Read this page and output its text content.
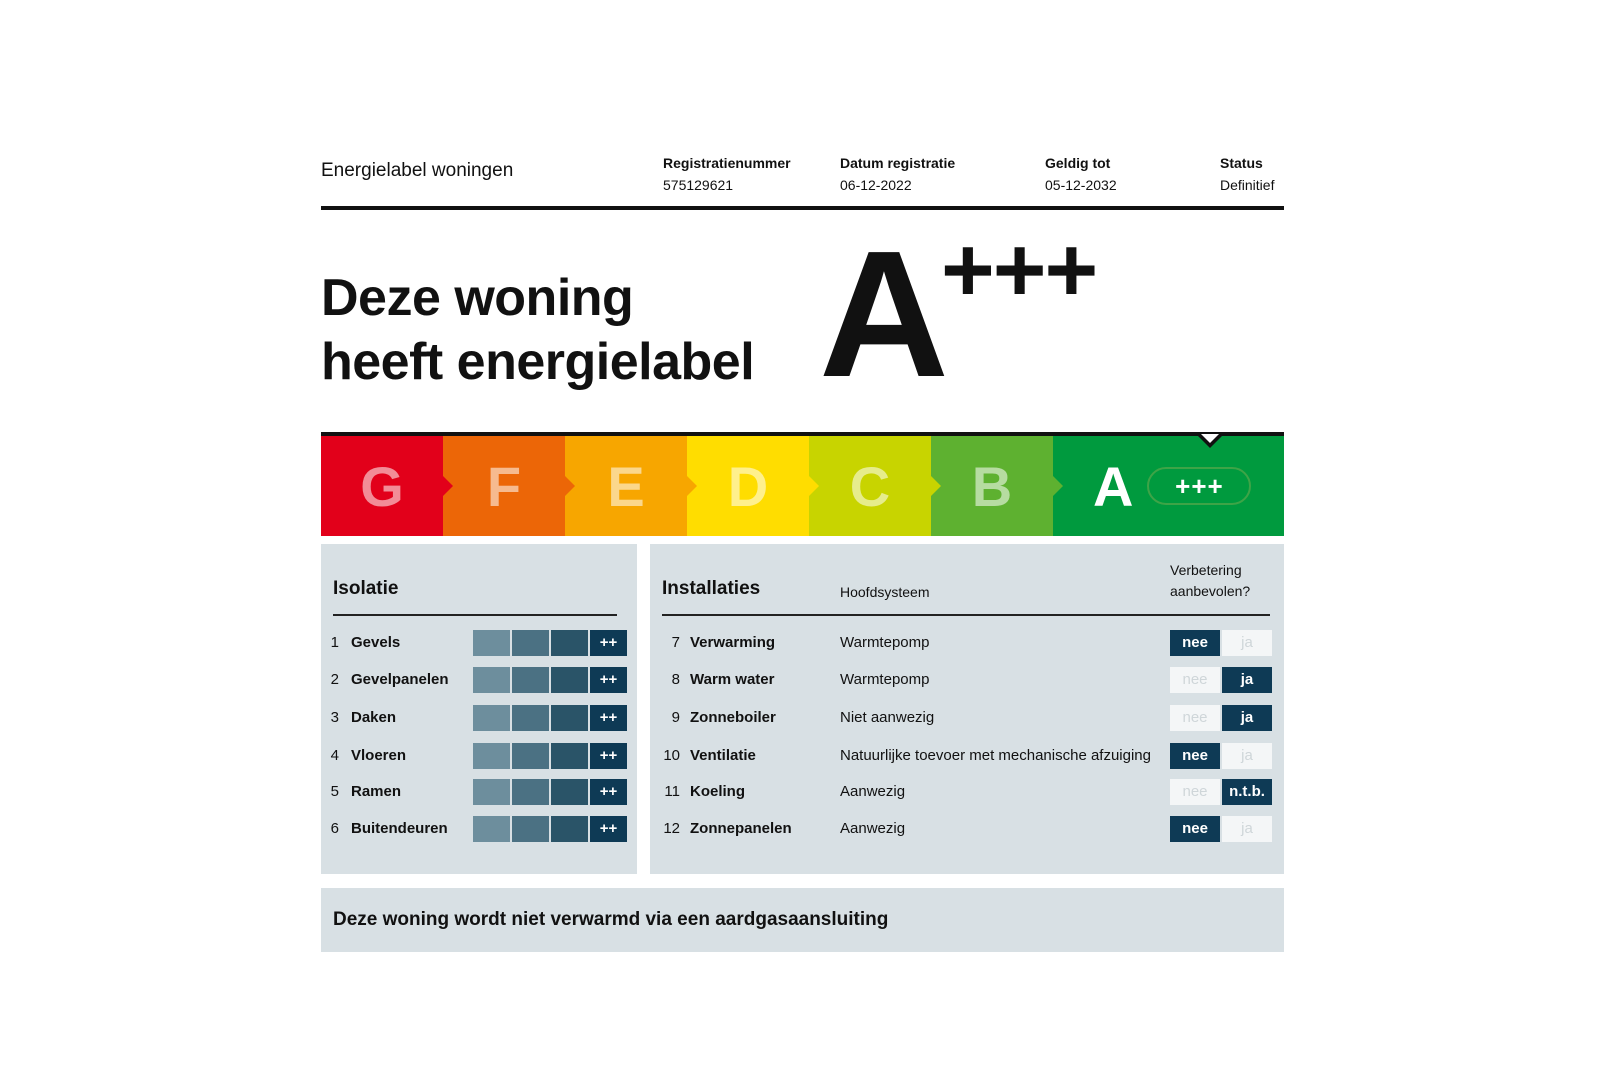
Energielabel woningen	Registratienummer
575129621
Datum registratie
06-12-2022
Geldig tot
05-12-2032
Status
Definitief
Deze woning
heeft energielabel A+++
G F E D C B A	+++
Isolatie
1 Gevels	++
2 Gevelpanelen	++
3 Daken	++
4 Vloeren	++
5 Ramen	++
6 Buitendeuren	++
Installaties	Hoofdsysteem
Verbetering
aanbevolen?
7 Verwarming	Warmtepomp	nee	ja
8 Warm water	Warmtepomp	nee	ja
9 Zonneboiler	Niet aanwezig	nee	ja
10 Ventilatie	Natuurlijke toevoer met mechanische afzuiging	nee	ja
11 Koeling	Aanwezig	nee	n.t.b.
12 Zonnepanelen	Aanwezig	nee	ja
Deze woning wordt niet verwarmd via een aardgasaansluiting
